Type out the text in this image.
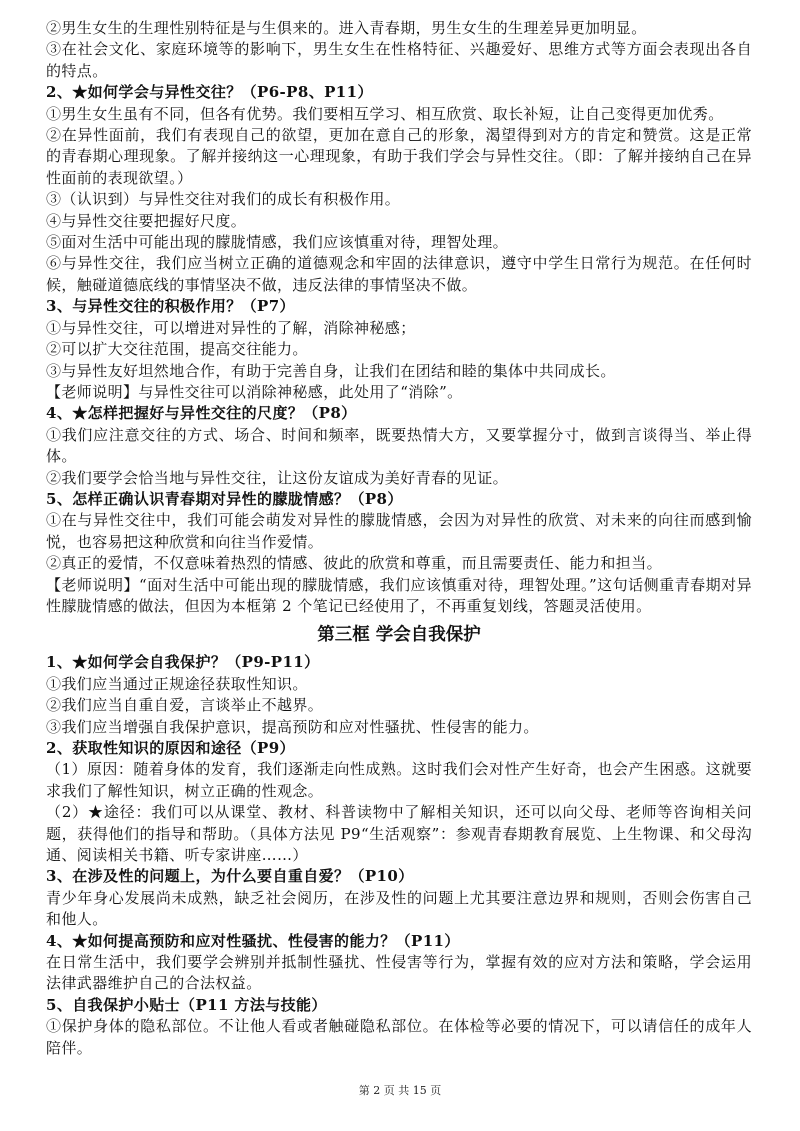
②男生女生的生理性别特征是与生俱来的。进入青春期，男生女生的生理差异更加明显。
③在社会文化、家庭环境等的影响下，男生女生在性格特征、兴趣爱好、思维方式等方面会表现出各自的特点。
2、★如何学会与异性交往？（P6-P8、P11）
①男生女生虽有不同，但各有优势。我们要相互学习、相互欣赏、取长补短，让自己变得更加优秀。
②在异性面前，我们有表现自己的欲望，更加在意自己的形象，渴望得到对方的肯定和赞赏。这是正常的青春期心理现象。了解并接纳这一心理现象，有助于我们学会与异性交往。（即：了解并接纳自己在异性面前的表现欲望。）
③（认识到）与异性交往对我们的成长有积极作用。
④与异性交往要把握好尺度。
⑤面对生活中可能出现的朦胧情感，我们应该慎重对待，理智处理。
⑥与异性交往，我们应当树立正确的道德观念和牢固的法律意识，遵守中学生日常行为规范。在任何时候，触碰道德底线的事情坚决不做，违反法律的事情坚决不做。
3、与异性交往的积极作用？（P7）
①与异性交往，可以增进对异性的了解，消除神秘感；
②可以扩大交往范围，提高交往能力。
③与异性友好坦然地合作，有助于完善自身，让我们在团结和睦的集体中共同成长。
【老师说明】与异性交往可以消除神秘感，此处用了“消除”。
4、★怎样把握好与异性交往的尺度？（P8）
①我们应注意交往的方式、场合、时间和频率，既要热情大方，又要掌握分寸，做到言谈得当、举止得体。
②我们要学会恰当地与异性交往，让这份友谊成为美好青春的见证。
5、怎样正确认识青春期对异性的朦胧情感？（P8）
①在与异性交往中，我们可能会萌发对异性的朦胧情感，会因为对异性的欣赏、对未来的向往而感到愉悦，也容易把这种欣赏和向往当作爱情。
②真正的爱情，不仅意味着热烈的情感、彼此的欣赏和尊重，而且需要责任、能力和担当。
【老师说明】“面对生活中可能出现的朦胧情感，我们应该慎重对待，理智处理。”这句话侧重青春期对异性朦胧情感的做法，但因为本框第 2 个笔记已经使用了，不再重复划线，答题灵活使用。
第三框 学会自我保护
1、★如何学会自我保护？（P9-P11）
①我们应当通过正规途径获取性知识。
②我们应当自重自爱，言谈举止不越界。
③我们应当增强自我保护意识，提高预防和应对性骚扰、性侵害的能力。
2、获取性知识的原因和途径（P9）
（1）原因：随着身体的发育，我们逐渐走向性成熟。这时我们会对性产生好奇，也会产生困惑。这就要求我们了解性知识，树立正确的性观念。
（2）★途径：我们可以从课堂、教材、科普读物中了解相关知识，还可以向父母、老师等咨询相关问题，获得他们的指导和帮助。（具体方法见 P9“生活观察”：参观青春期教育展览、上生物课、和父母沟通、阅读相关书籍、听专家讲座……）
3、在涉及性的问题上，为什么要自重自爱？（P10）
青少年身心发展尚未成熟，缺乏社会阅历，在涉及性的问题上尤其要注意边界和规则，否则会伤害自己和他人。
4、★如何提高预防和应对性骚扰、性侵害的能力？（P11）
在日常生活中，我们要学会辨别并抵制性骚扰、性侵害等行为，掌握有效的应对方法和策略，学会运用法律武器维护自己的合法权益。
5、自我保护小贴士（P11 方法与技能）
①保护身体的隐私部位。不让他人看或者触碰隐私部位。在体检等必要的情况下，可以请信任的成年人陪伴。
第 2 页 共 15 页
